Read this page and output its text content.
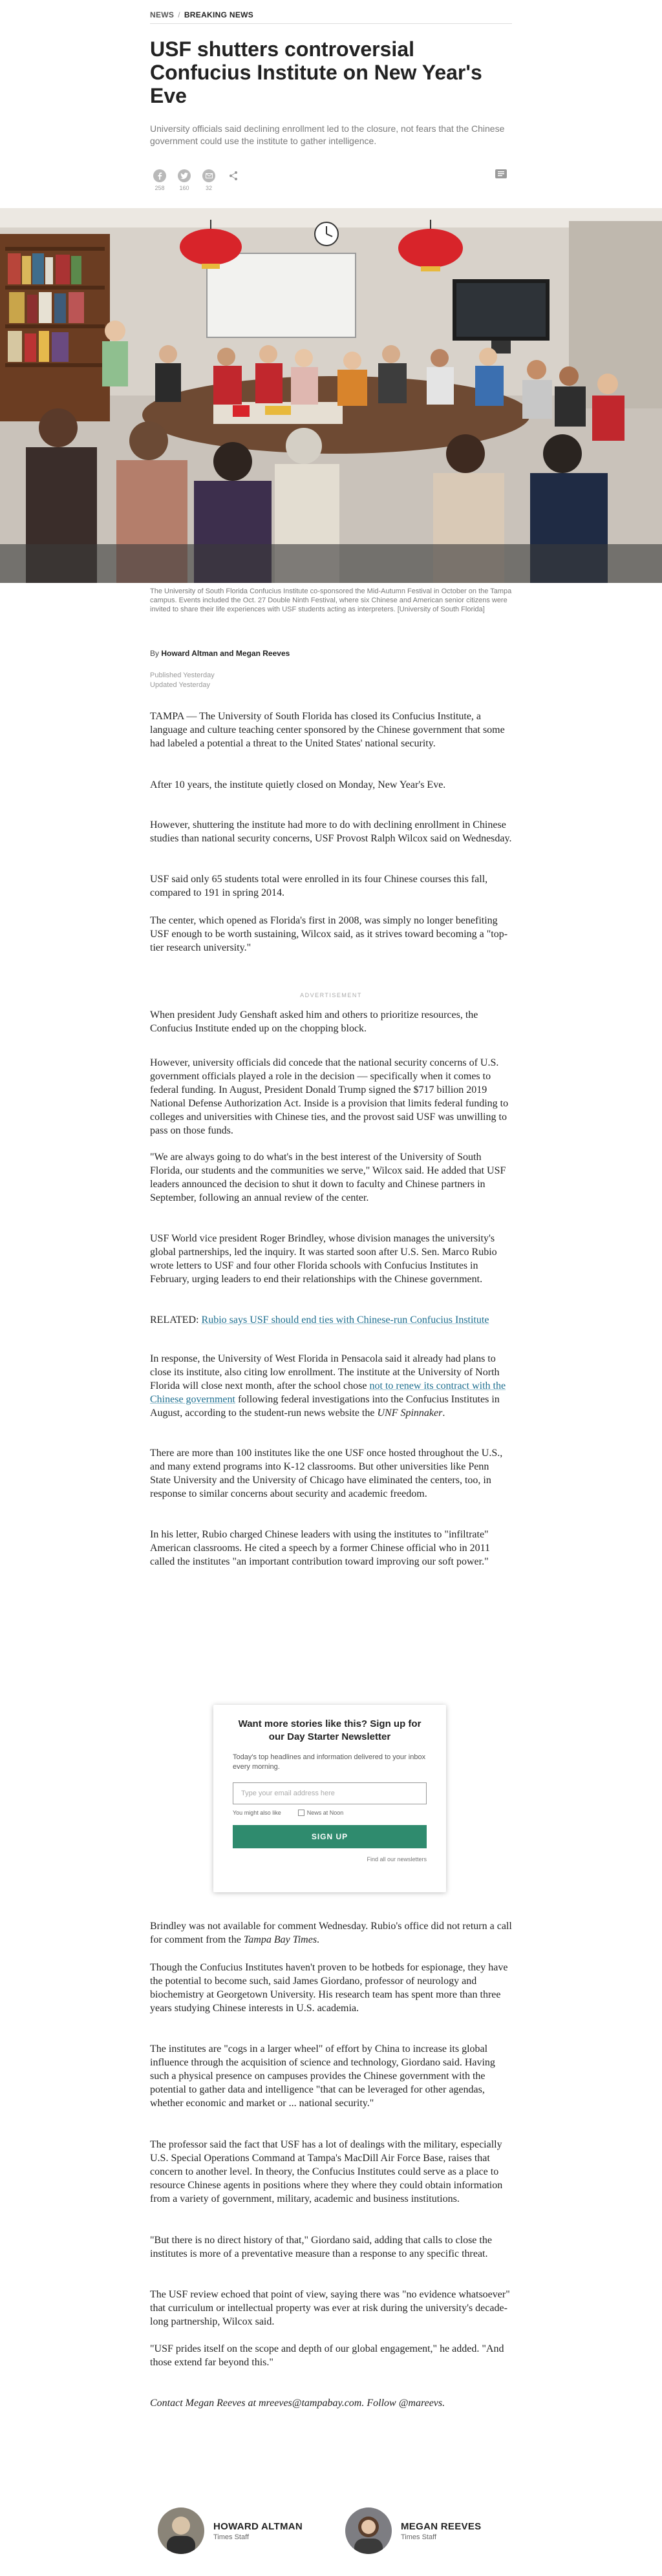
NEWS / BREAKING NEWS
USF shutters controversial Confucius Institute on New Year's Eve

University officials said declining enrollment led to the closure, not fears that the Chinese government could use the institute to gather intelligence.

258	160	32

The University of South Florida Confucius Institute co-sponsored the Mid-Autumn Festival in October on the Tampa campus. Events included the Oct. 27 Double Ninth Festival, where six Chinese and American senior citizens were invited to share their life experiences with USF students acting as interpreters. [University of South Florida]

By Howard Altman and Megan Reeves
Published Yesterday
Updated Yesterday

TAMPA — The University of South Florida has closed its Confucius Institute, a language and culture teaching center sponsored by the Chinese government that some had labeled a potential a threat to the United States' national security.

After 10 years, the institute quietly closed on Monday, New Year's Eve.

However, shuttering the institute had more to do with declining enrollment in Chinese studies than national security concerns, USF Provost Ralph Wilcox said on Wednesday.

USF said only 65 students total were enrolled in its four Chinese courses this fall, compared to 191 in spring 2014.

The center, which opened as Florida's first in 2008, was simply no longer benefiting USF enough to be worth sustaining, Wilcox said, as it strives toward becoming a "top-tier research university."

ADVERTISEMENT

When president Judy Genshaft asked him and others to prioritize resources, the Confucius Institute ended up on the chopping block.

However, university officials did concede that the national security concerns of U.S. government officials played a role in the decision — specifically when it comes to federal funding. In August, President Donald Trump signed the $717 billion 2019 National Defense Authorization Act. Inside is a provision that limits federal funding to colleges and universities with Chinese ties, and the provost said USF was unwilling to pass on those funds.

"We are always going to do what's in the best interest of the University of South Florida, our students and the communities we serve," Wilcox said. He added that USF leaders announced the decision to shut it down to faculty and Chinese partners in September, following an annual review of the center.

USF World vice president Roger Brindley, whose division manages the university's global partnerships, led the inquiry. It was started soon after U.S. Sen. Marco Rubio wrote letters to USF and four other Florida schools with Confucius Institutes in February, urging leaders to end their relationships with the Chinese government.

RELATED: Rubio says USF should end ties with Chinese-run Confucius Institute

In response, the University of West Florida in Pensacola said it already had plans to close its institute, also citing low enrollment. The institute at the University of North Florida will close next month, after the school chose not to renew its contract with the Chinese government following federal investigations into the Confucius Institutes in August, according to the student-run news website the UNF Spinnaker.

There are more than 100 institutes like the one USF once hosted throughout the U.S., and many extend programs into K-12 classrooms. But other universities like Penn State University and the University of Chicago have eliminated the centers, too, in response to similar concerns about security and academic freedom.

In his letter, Rubio charged Chinese leaders with using the institutes to "infiltrate" American classrooms. He cited a speech by a former Chinese official who in 2011 called the institutes "an important contribution toward improving our soft power."

Brindley was not available for comment Wednesday. Rubio's office did not return a call for comment from the Tampa Bay Times.

Though the Confucius Institutes haven't proven to be hotbeds for espionage, they have the potential to become such, said James Giordano, professor of neurology and biochemistry at Georgetown University. His research team has spent more than three years studying Chinese interests in U.S. academia.

The institutes are "cogs in a larger wheel" of effort by China to increase its global influence through the acquisition of science and technology, Giordano said. Having such a physical presence on campuses provides the Chinese government with the potential to gather data and intelligence "that can be leveraged for other agendas, whether economic and market or ... national security."

The professor said the fact that USF has a lot of dealings with the military, especially U.S. Special Operations Command at Tampa's MacDill Air Force Base, raises that concern to another level. In theory, the Confucius Institutes could serve as a place to resource Chinese agents in positions where they where they could obtain information from a variety of government, military, academic and business institutions.

"But there is no direct history of that," Giordano said, adding that calls to close the institutes is more of a preventative measure than a response to any specific threat.

The USF review echoed that point of view, saying there was "no evidence whatsoever" that curriculum or intellectual property was ever at risk during the university's decade-long partnership, Wilcox said.

"USF prides itself on the scope and depth of our global engagement," he added. "And those extend far beyond this."

Contact Megan Reeves at mreeves@tampabay.com. Follow @mareevs.

Want more stories like this? Sign up for our Day Starter Newsletter
Today's top headlines and information delivered to your inbox every morning.
Type your email address here
You might also like	News at Noon
SIGN UP
Find all our newsletters
HOWARD ALTMAN
Times Staff
MEGAN REEVES
Times Staff
